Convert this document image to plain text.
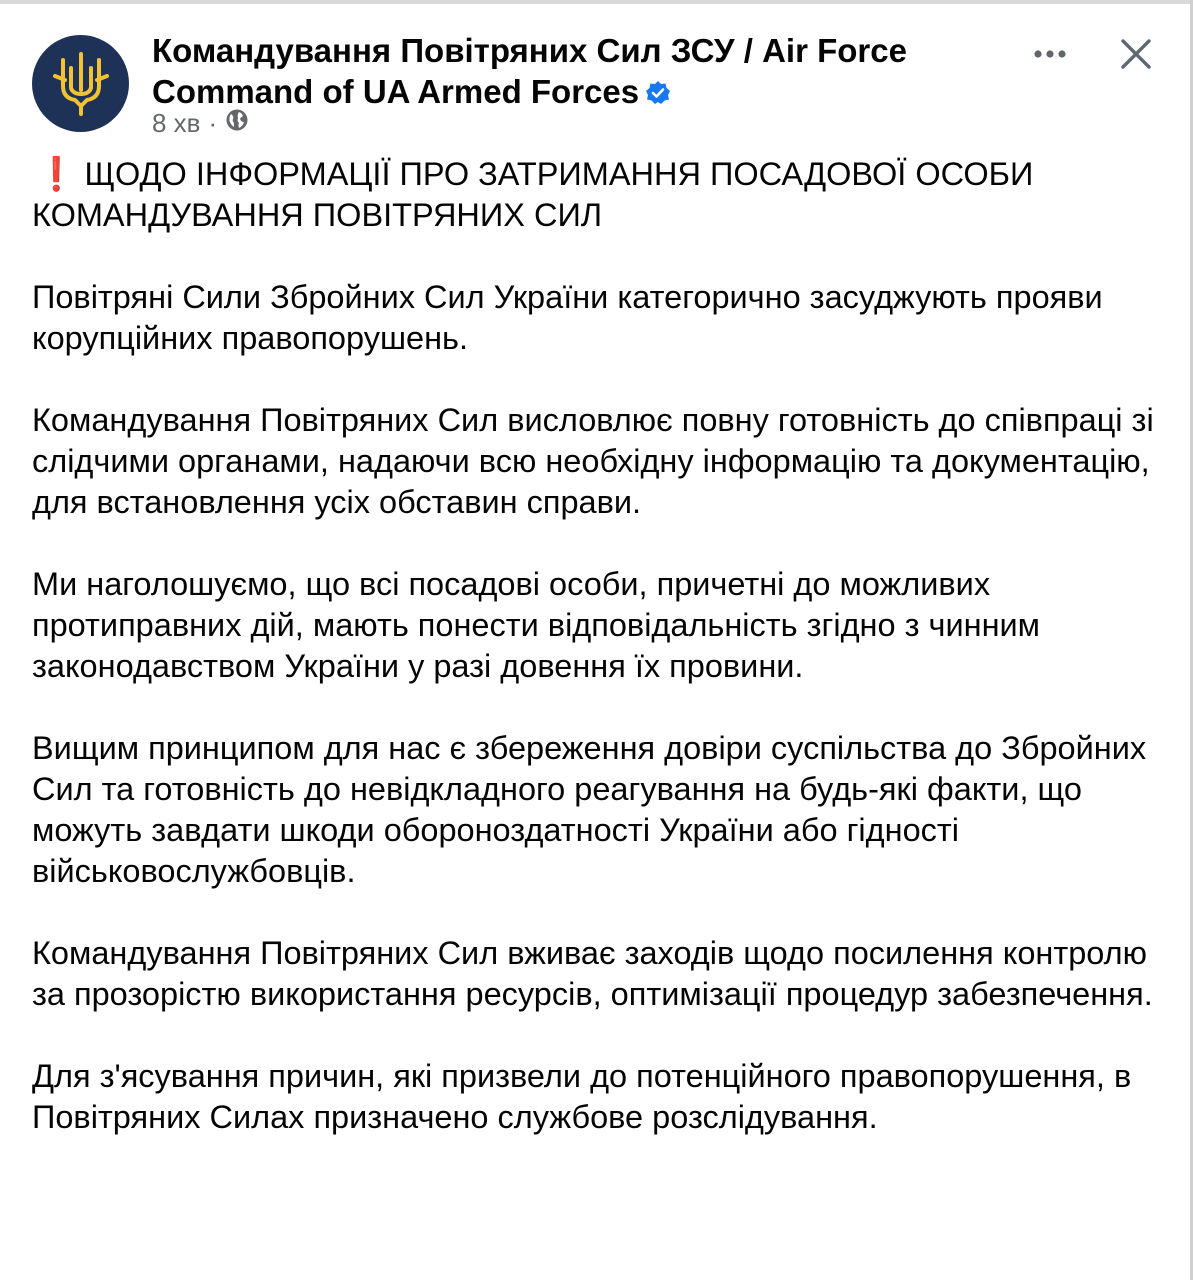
Командування Повітряних Сил ЗСУ / Air Force Command of UA Armed Forces
8 хв ·

❗ ЩОДО ІНФОРМАЦІЇ ПРО ЗАТРИМАННЯ ПОСАДОВОЇ ОСОБИ КОМАНДУВАННЯ ПОВІТРЯНИХ СИЛ

Повітряні Сили Збройних Сил України категорично засуджують прояви корупційних правопорушень.

Командування Повітряних Сил висловлює повну готовність до співпраці зі слідчими органами, надаючи всю необхідну інформацію та документацію, для встановлення усіх обставин справи.

Ми наголошуємо, що всі посадові особи, причетні до можливих протиправних дій, мають понести відповідальність згідно з чинним законодавством України у разі довення їх провини.

Вищим принципом для нас є збереження довіри суспільства до Збройних Сил та готовність до невідкладного реагування на будь-які факти, що можуть завдати шкоди обороноздатності України або гідності військовослужбовців.

Командування Повітряних Сил вживає заходів щодо посилення контролю за прозорістю використання ресурсів, оптимізації процедур забезпечення.

Для з'ясування причин, які призвели до потенційного правопорушення, в Повітряних Силах призначено службове розслідування.
